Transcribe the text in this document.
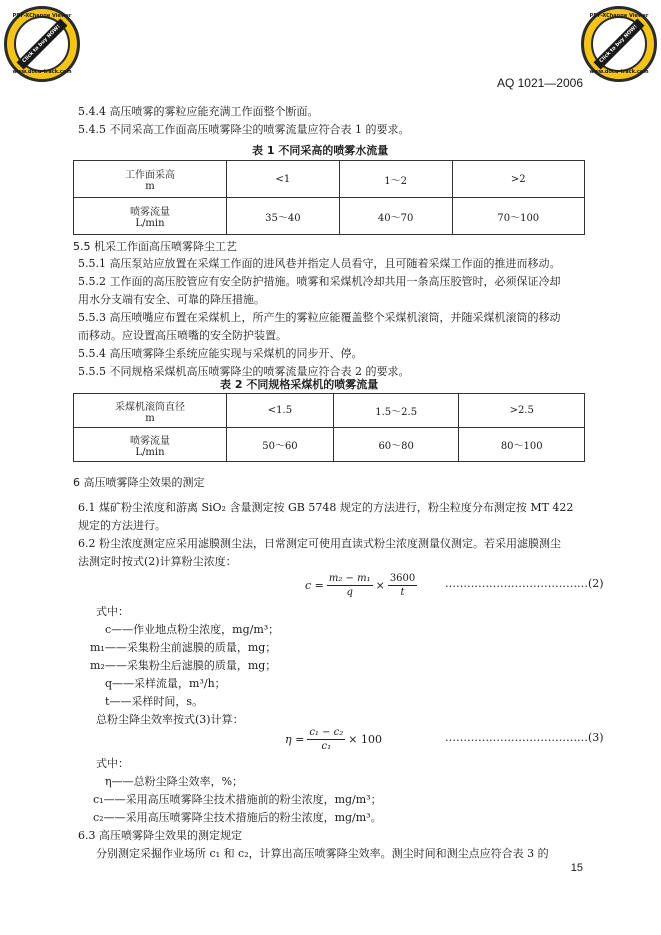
PDF-XChange Viewer
Click to buy NOW!
www.docu-track.com
PDF-XChange Viewer
Click to buy NOW!
www.docu-track.com
AQ 1021—2006
5.4.4 高压喷雾的雾粒应能充满工作面整个断面。
5.4.5 不同采高工作面高压喷雾降尘的喷雾流量应符合表 1 的要求。
表 1 不同采高的喷雾水流量
工作面采高
m	<1	1～2	>2

喷雾流量
L/min	35～40	40～70	70～100
5.5 机采工作面高压喷雾降尘工艺
5.5.1 高压泵站应放置在采煤工作面的进风巷并指定人员看守，且可随着采煤工作面的推进而移动。
5.5.2 工作面的高压胶管应有安全防护措施。喷雾和采煤机冷却共用一条高压胶管时，必须保证冷却
用水分支端有安全、可靠的降压措施。
5.5.3 高压喷嘴应布置在采煤机上，所产生的雾粒应能覆盖整个采煤机滚筒，并随采煤机滚筒的移动
而移动。应设置高压喷嘴的安全防护装置。
5.5.4 高压喷雾降尘系统应能实现与采煤机的同步开、停。
5.5.5 不同规格采煤机高压喷雾降尘的喷雾流量应符合表 2 的要求。
表 2 不同规格采煤机的喷雾流量
采煤机滚筒直径
m	<1.5	1.5～2.5	>2.5

喷雾流量
L/min	50～60	60～80	80～100
6 高压喷雾降尘效果的测定
6.1 煤矿粉尘浓度和游离 SiO₂ 含量测定按 GB 5748 规定的方法进行，粉尘粒度分布测定按 MT 422
规定的方法进行。
6.2 粉尘浓度测定应采用滤膜测尘法，日常测定可使用直读式粉尘浓度测量仪测定。若采用滤膜测尘
法测定时按式(2)计算粉尘浓度：
$c = \frac{\text{m₂ − m₁}}{q} \times \frac{3600}{t}$	…………………………………(2)
式中：
c——作业地点粉尘浓度，mg/m³；
m₁——采集粉尘前滤膜的质量，mg；
m₂——采集粉尘后滤膜的质量，mg；
q——采样流量，m³/h；
t——采样时间，s。
总粉尘降尘效率按式(3)计算：
$\eta = \frac{\text{c₁ − c₂}}{\text{c₁}} \times 100$	…………………………………(3)
式中：
η——总粉尘降尘效率，%；
c₁——采用高压喷雾降尘技术措施前的粉尘浓度，mg/m³；
c₂——采用高压喷雾降尘技术措施后的粉尘浓度，mg/m³。
6.3 高压喷雾降尘效果的测定规定
分别测定采掘作业场所 c₁ 和 c₂，计算出高压喷雾降尘效率。测尘时间和测尘点应符合表 3 的
15
